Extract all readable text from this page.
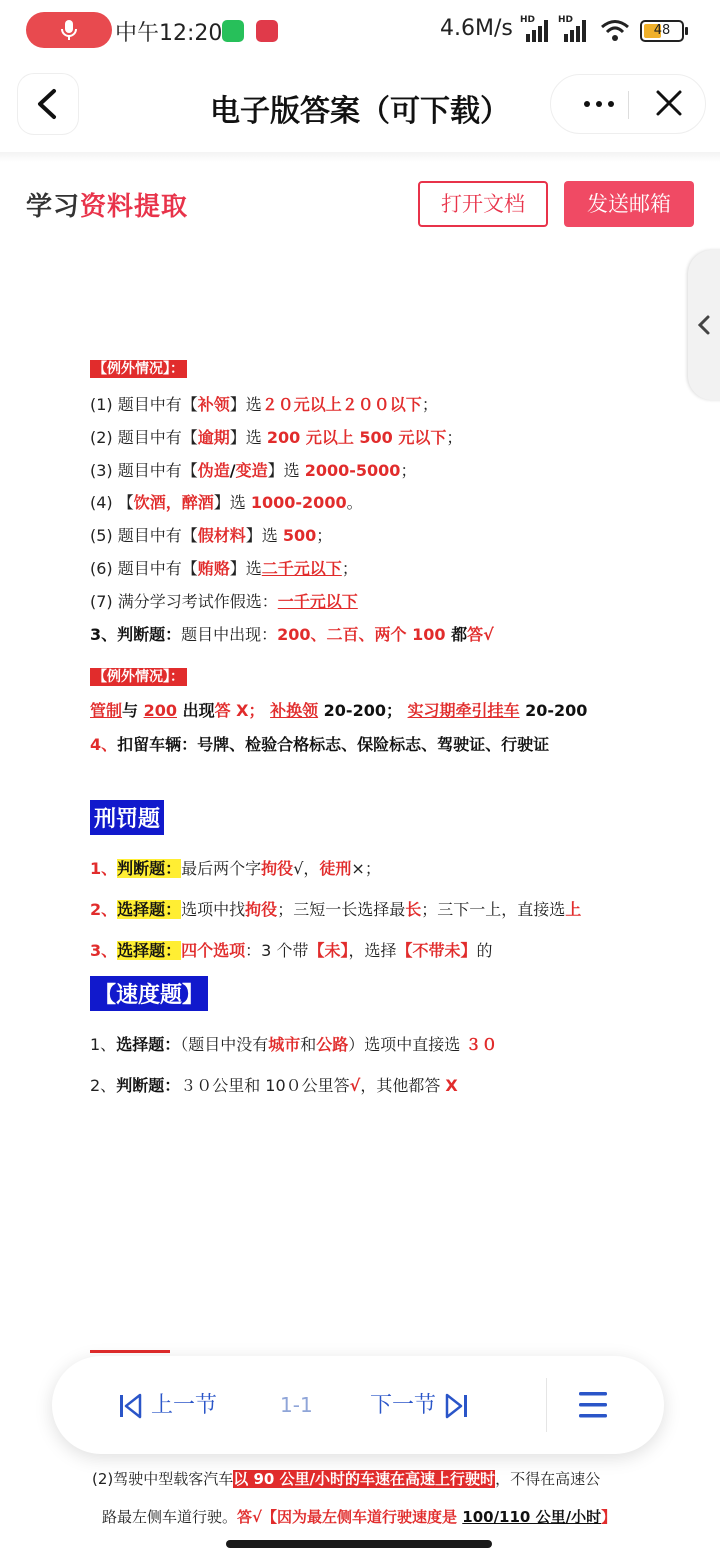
中午12:20	4.6M/s HD	HD
48
电子版答案（可下载）
学习资料提取	打开文档	发送邮箱
【例外情况】：
(1) 题目中有【补领】选２０元以上２００以下；
(2) 题目中有【逾期】选 200 元以上 500 元以下；
(3) 题目中有【伪造/变造】选 2000-5000；
(4) 【饮酒，醉酒】选 1000-2000。
(5) 题目中有【假材料】选 500；
(6) 题目中有【贿赂】选二千元以下；
(7) 满分学习考试作假选：一千元以下
3、判断题：题目中出现：200、二百、两个 100 都答√
【例外情况】：
管制与 200 出现答 X； 补换领 20-200； 实习期牵引挂车 20-200
4、扣留车辆：号牌、检验合格标志、保险标志、驾驶证、行驶证
刑罚题
1、判断题：最后两个字拘役√，徒刑×；
2、选择题：选项中找拘役；三短一长选择最长；三下一上，直接选上
3、选择题：四个选项：3 个带【未】，选择【不带未】的
【速度题】
1、选择题：（题目中没有城市和公路）选项中直接选 ３０
2、判断题：３０公里和 10０公里答√，其他都答 X
(2)驾驶中型载客汽车以 90 公里/小时的车速在高速上行驶时，不得在高速公
路最左侧车道行驶。答√【因为最左侧车道行驶速度是 100/110 公里/小时】
上一节	1-1	下一节
